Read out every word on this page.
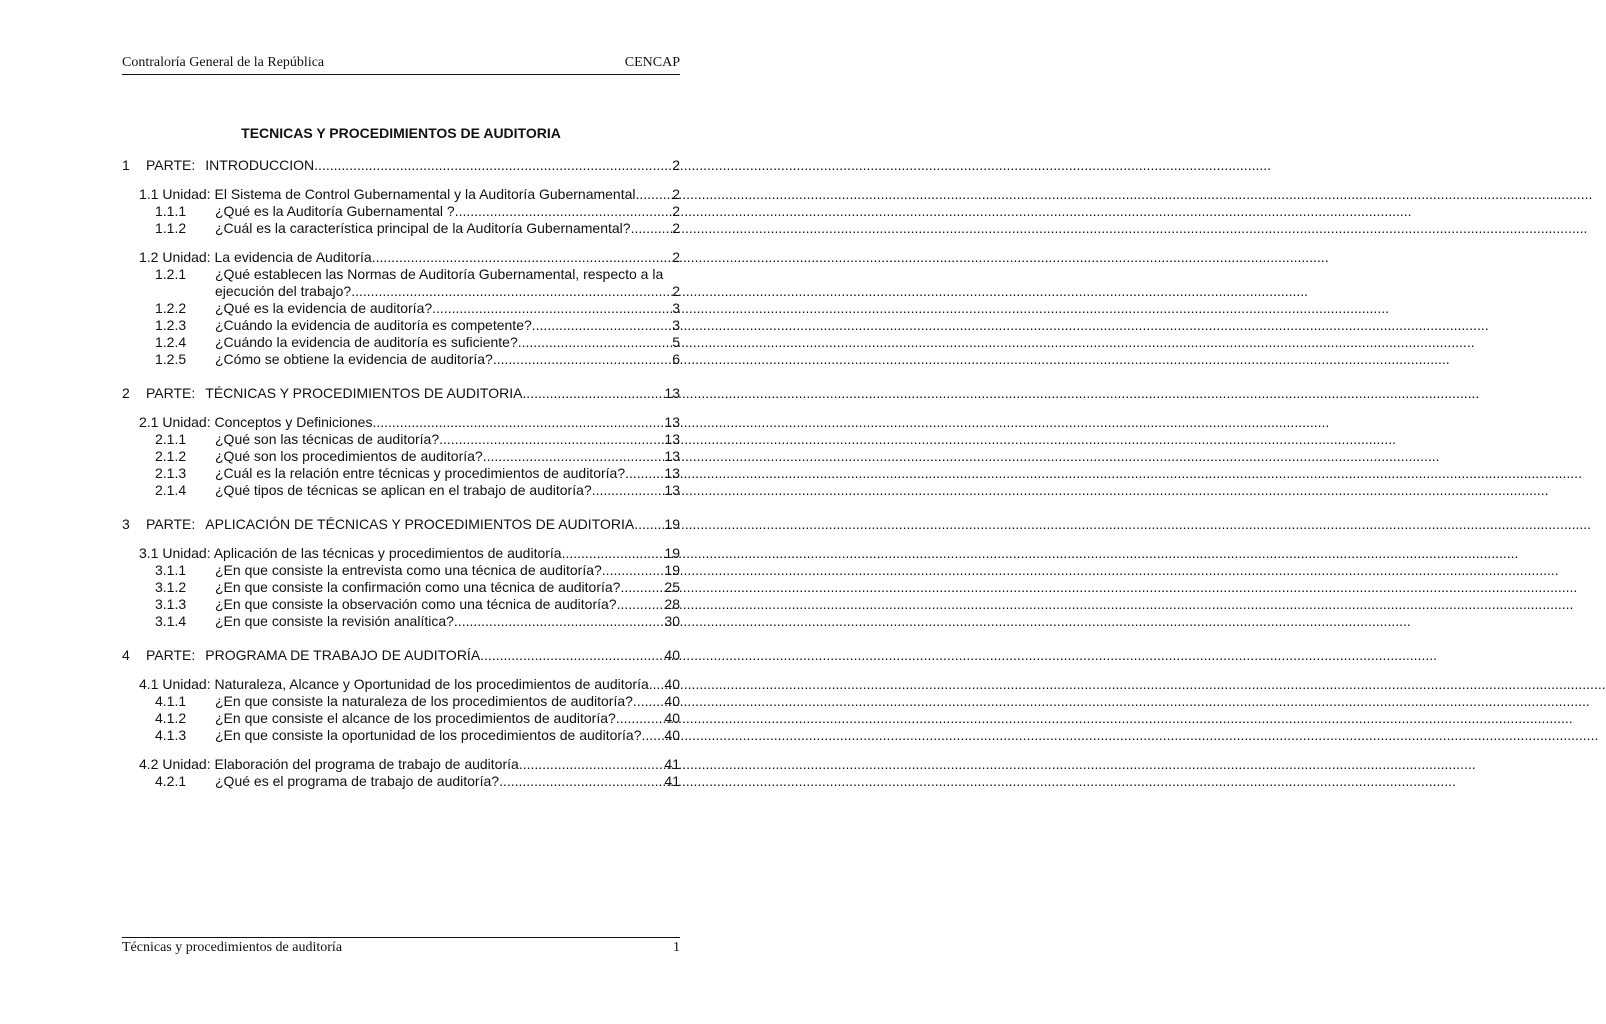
Contraloría General de la República	CENCAP
TECNICAS Y PROCEDIMIENTOS DE AUDITORIA
1	PARTE: INTRODUCCION .....	2
1.1 Unidad: El Sistema de Control Gubernamental y la Auditoría Gubernamental .....	2
1.1.1	¿Qué es la Auditoría Gubernamental ? .....	2
1.1.2	¿Cuál es la característica principal de la Auditoría Gubernamental? .....	2
1.2 Unidad: La evidencia de Auditoría .....	2
1.2.1	¿Qué establecen las Normas de Auditoría Gubernamental, respecto a la
ejecución del trabajo? .....	2
1.2.2	¿Qué es la evidencia de auditoría? .....	3
1.2.3	¿Cuándo la evidencia de auditoría es competente? .....	3
1.2.4	¿Cuándo la evidencia de auditoría es suficiente? .....	5
1.2.5	¿Cómo se obtiene la evidencia de auditoría? .....	6
2	PARTE: TÉCNICAS Y PROCEDIMIENTOS DE AUDITORIA .....	13
2.1 Unidad: Conceptos y Definiciones .....	13
2.1.1	¿Qué son las técnicas de auditoría? .....	13
2.1.2	¿Qué son los procedimientos de auditoría? .....	13
2.1.3	¿Cuál es la relación entre técnicas y procedimientos de auditoría? .....	13
2.1.4	¿Qué tipos de técnicas se aplican en el trabajo de auditoría? .....	13
3	PARTE: APLICACIÓN DE TÉCNICAS Y PROCEDIMIENTOS DE AUDITORIA ..... 19
3.1 Unidad: Aplicación de las técnicas y procedimientos de auditoría .....	19
3.1.1	¿En que consiste la entrevista como una técnica de auditoría? .....	19
3.1.2	¿En que consiste la confirmación como una técnica de auditoría? .....	25
3.1.3	¿En que consiste la observación como una técnica de auditoría? .....	28
3.1.4	¿En que consiste la revisión analítica? .....	30
4	PARTE: PROGRAMA DE TRABAJO DE AUDITORÍA .....	40
4.1 Unidad: Naturaleza, Alcance y Oportunidad de los procedimientos de auditoría ..... 40
4.1.1	¿En que consiste la naturaleza de los procedimientos de auditoría? ..... 40
4.1.2	¿En que consiste el alcance de los procedimientos de auditoría? .....	40
4.1.3	¿En que consiste la oportunidad de los procedimientos de auditoría? ..... 40
4.2 Unidad: Elaboración del programa de trabajo de auditoría .....	41
4.2.1	¿Qué es el programa de trabajo de auditoría? .....	41
Técnicas y procedimientos de auditoría	1
